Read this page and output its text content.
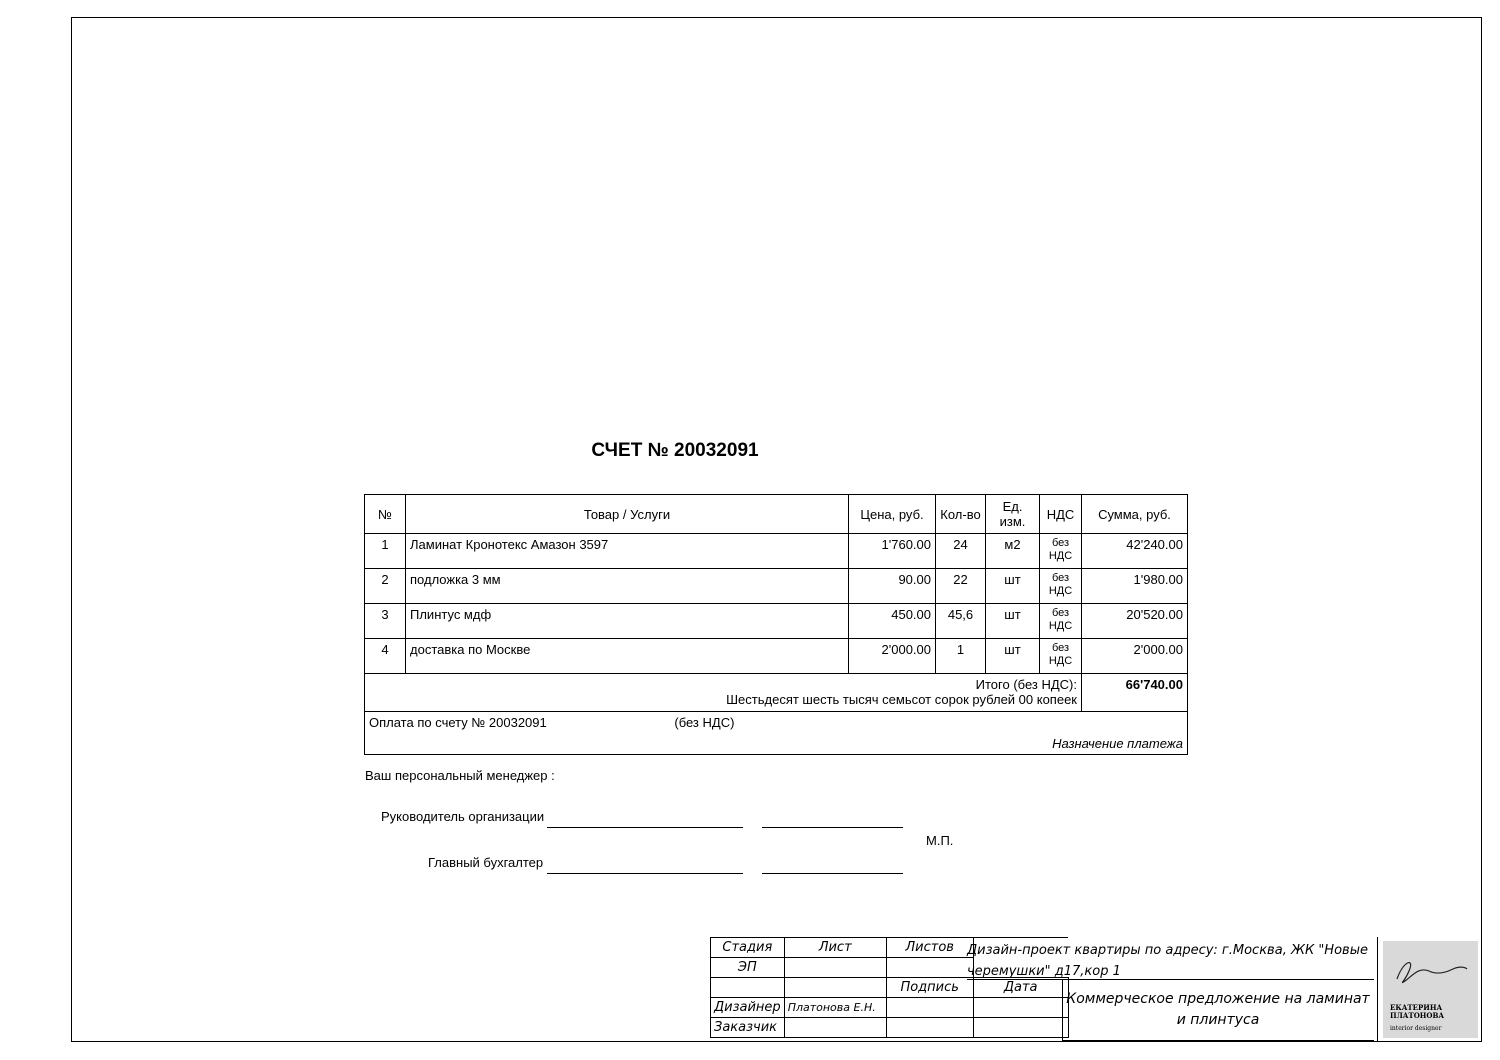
СЧЕТ № 20032091
№	Товар / Услуги	Цена, руб.	Кол-во	Ед. изм.	НДС	Сумма, руб.
1	Ламинат Кронотекс Амазон 3597	1'760.00	24	м2	без НДС	42'240.00
2	подложка 3 мм	90.00	22	шт	без НДС	1'980.00
3	Плинтус мдф	450.00	45,6	шт	без НДС	20'520.00
4	доставка по Москве	2'000.00	1	шт	без НДС	2'000.00

Итого (без НДС):
Шестьдесят шесть тысяч семьсот сорок рублей 00 копеек						66'740.00

Оплата по счету № 20032091 (без НДС)
Назначение платежа						
Ваш персональный менеджер :
Руководитель организации
М.П.
Главный бухгалтер
Стадия	Лист	Листов	
ЭП			
		Подпись	Дата
Дизайнер	Платонова Е.Н.		
Заказчик			
Дизайн-проект квартиры по адресу: г.Москва, ЖК "Новые черемушки" д17,кор 1
Коммерческое предложение на ламинат и плинтуса
ЕКАТЕРИНА
ПЛАТОНОВА
interior designer
